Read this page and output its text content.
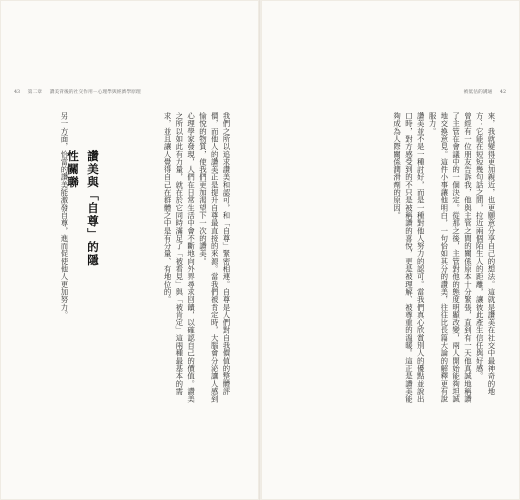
43 第二章 讚美背後的社交作用－心理學與經濟學原理

我們之所以追求讚美和認可，和「自尊」緊密相連。自尊是人們對自我價值的整體評價，而他人的讚美正是提升自尊最直接的來源。當我們被肯定時，大腦會分泌讓人感到愉悅的物質，使我們更加渴望下一次的讚美。

心理學家發現，人們在日常生活中會不斷地向外界尋求回饋，以確認自己的價值。讚美之所以如此有力量，就在於它同時滿足了「被看見」與「被肯定」這兩種最基本的需求，並且讓人覺得自己在群體之中是有分量、有地位的。

讚美與「自尊」的隱性關聯

另一方面，恰當的讚美能激發自尊，進而促使他人更加努力。

被低估的溝通 42

來，我就變得更加親近，也更願意分享自己的想法。這就是讚美在社交中最神奇的地方：它能在短短幾句話之間，拉近兩個陌生人的距離，讓彼此產生信任與好感。

曾經有一位朋友告訴我，他與主管之間的關係原本十分緊張，直到有一天他真誠地稱讚了主管在會議中的一個決定。從那之後，主管對他的態度明顯改變，兩人開始能夠坦誠地交換意見。這件小事讓他明白，一句恰如其分的讚美，往往比長篇大論的解釋更有說服力。

讚美並不是一種討好，而是一種對他人努力的認可。當我們真心欣賞別人的優點並說出口時，對方感受到的不只是被稱讚的喜悅，更是被理解、被尊重的溫暖。這正是讚美能夠成為人際關係潤滑劑的原因。
